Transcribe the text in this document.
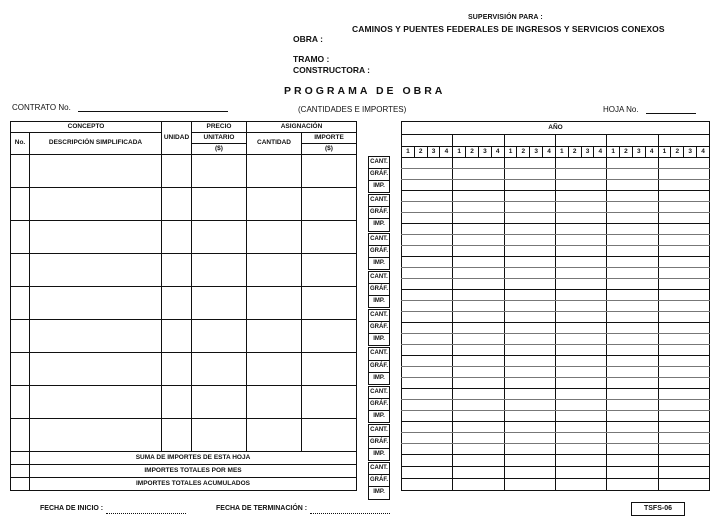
SUPERVISIÓN PARA :
CAMINOS Y PUENTES FEDERALES DE INGRESOS Y SERVICIOS CONEXOS
OBRA :
TRAMO :
CONSTRUCTORA :
PROGRAMA DE OBRA
CONTRATO No.	(CANTIDADES E IMPORTES)	HOJA No.
CONCEPTO		UNIDAD	PRECIO	ASIGNACIÓN	
No.	DESCRIPCIÓN SIMPLIFICADA		UNITARIO	CANTIDAD	IMPORTE
			($)		($)

	SUMA DE IMPORTES DE ESTA HOJA				
	IMPORTES TOTALES POR MES				
	IMPORTES TOTALES ACUMULADOS				
CANT.
GRÁF.
IMP.
CANT.
GRÁF.
IMP.
CANT.
GRÁF.
IMP.
CANT.
GRÁF.
IMP.
CANT.
GRÁF.
IMP.
CANT.
GRÁF.
IMP.
CANT.
GRÁF.
IMP.
CANT.
GRÁF.
IMP.
CANT.
GRÁF.
IMP.
AÑO																							

1	2	3	4	1	2	3	4	1	2	3	4	1	2	3	4	1	2	3	4	1	2	3	4

FECHA DE INICIO :	FECHA DE TERMINACIÓN :	TSFS-06
